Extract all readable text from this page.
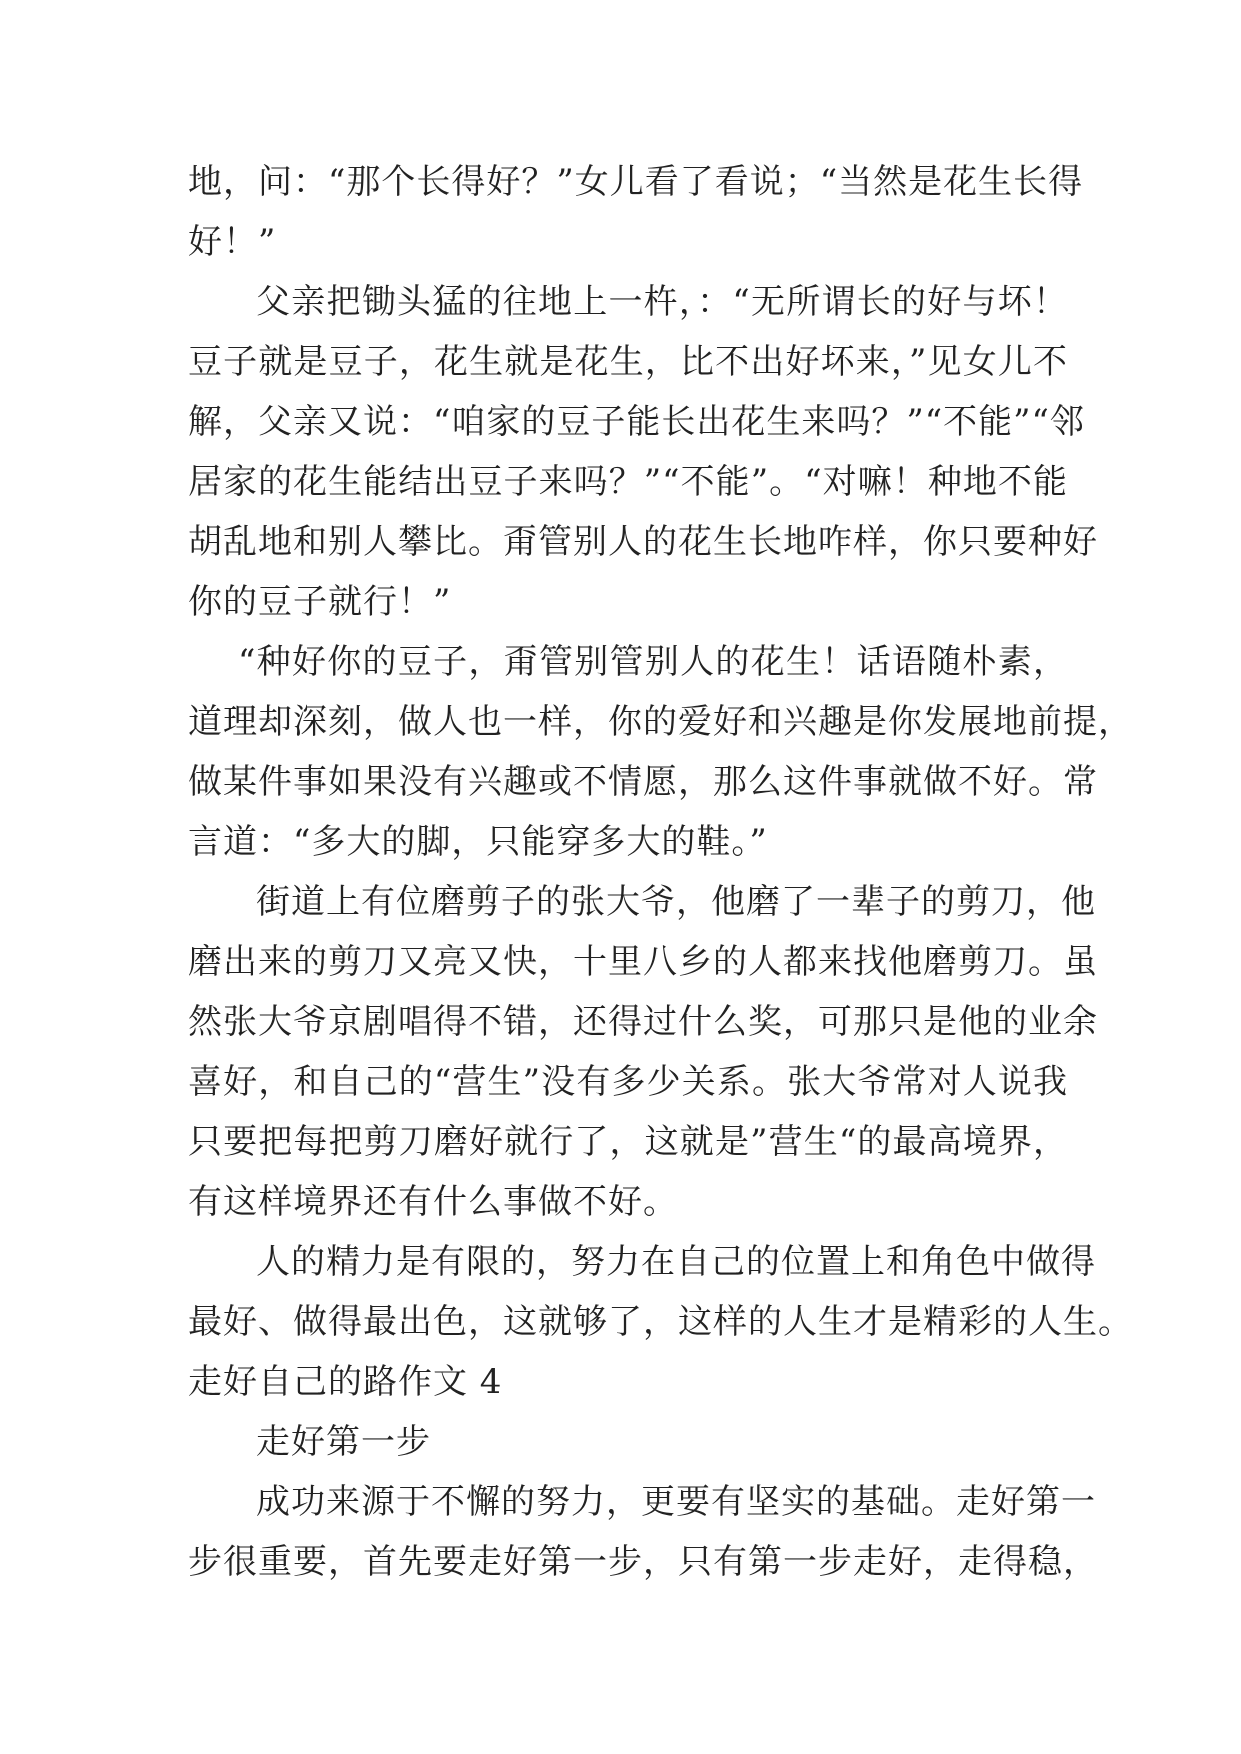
地，问：“那个长得好？”女儿看了看说；“当然是花生长得
好！”
父亲把锄头猛的往地上一杵，：“无所谓长的好与坏！
豆子就是豆子，花生就是花生，比不出好坏来，”见女儿不
解，父亲又说：“咱家的豆子能长出花生来吗？”“不能”“邻
居家的花生能结出豆子来吗？”“不能”。“对嘛！种地不能
胡乱地和别人攀比。甭管别人的花生长地咋样，你只要种好
你的豆子就行！”
“种好你的豆子，甭管别管别人的花生！话语随朴素，
道理却深刻，做人也一样，你的爱好和兴趣是你发展地前提，
做某件事如果没有兴趣或不情愿，那么这件事就做不好。常
言道：“多大的脚，只能穿多大的鞋。”
街道上有位磨剪子的张大爷，他磨了一辈子的剪刀，他
磨出来的剪刀又亮又快，十里八乡的人都来找他磨剪刀。虽
然张大爷京剧唱得不错，还得过什么奖，可那只是他的业余
喜好，和自己的“营生”没有多少关系。张大爷常对人说我
只要把每把剪刀磨好就行了，这就是”营生“的最高境界，
有这样境界还有什么事做不好。
人的精力是有限的，努力在自己的位置上和角色中做得
最好、做得最出色，这就够了，这样的人生才是精彩的人生。
走好自己的路作文 4
走好第一步
成功来源于不懈的努力，更要有坚实的基础。走好第一
步很重要，首先要走好第一步，只有第一步走好，走得稳，
